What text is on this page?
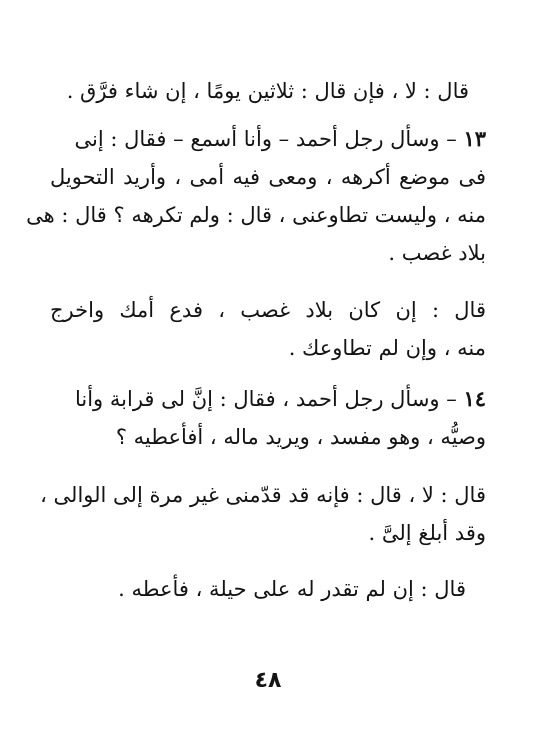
قال : لا ، فإن قال : ثلاثين يومًا ، إن شاء فرَّق .
١٣ – وسأل رجل أحمد – وأنا أسمع – فقال : إنى
فى موضع أكرهه ، ومعى فيه أمى ، وأريد التحويل
منه ، وليست تطاوعنى ، قال : ولم تكرهه ؟ قال : هى
بلاد غصب .
قال : إن كان بلاد غصب ، فدع أمك واخرج
منه ، وإن لم تطاوعك .
١٤ – وسأل رجل أحمد ، فقال : إنَّ لى قرابة وأنا
وصيُّه ، وهو مفسد ، ويريد ماله ، أفأعطيه ؟
قال : لا ، قال : فإنه قد قدّمنى غير مرة إلى الوالى ،
وقد أبلغ إلىَّ .
قال : إن لم تقدر له على حيلة ، فأعطه .
٤٨
